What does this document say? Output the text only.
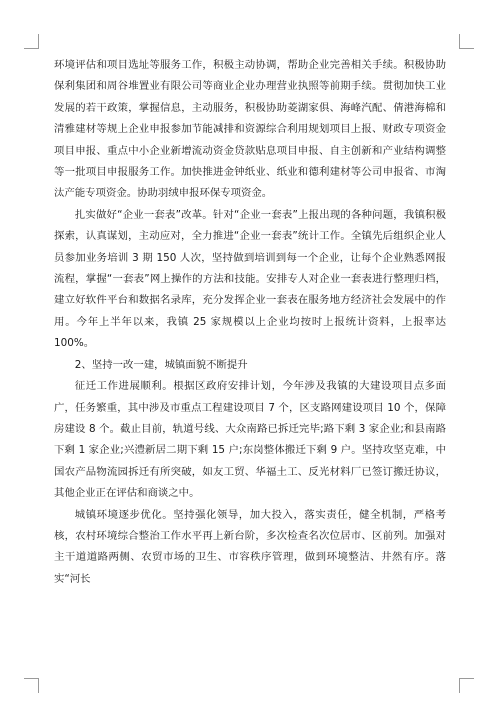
环境评估和项目选址等服务工作，积极主动协调，帮助企业完善相关手续。积极协助保利集团和周谷堆置业有限公司等商业企业办理营业执照等前期手续。贯彻加快工业发展的若干政策，掌握信息，主动服务，积极协助菱湖家俱、海峰汽配、倩港海棉和清雅建材等规上企业申报参加节能减排和资源综合利用规划项目上报、财政专项资金项目申报、重点中小企业新增流动资金贷款贴息项目申报、自主创新和产业结构调整等一批项目申报服务工作。加快推进金钟纸业、纸业和德利建材等公司申报省、市淘汰产能专项资金。协助羽绒申报环保专项资金。

扎实做好“企业一套表”改革。针对“企业一套表”上报出现的各种问题，我镇积极探索，认真谋划，主动应对，全力推进“企业一套表”统计工作。全镇先后组织企业人员参加业务培训 3 期 150 人次，坚持做到培训到每一个企业，让每个企业熟悉网报流程，掌握“一套表”网上操作的方法和技能。安排专人对企业一套表进行整理归档，建立好软件平台和数据名录库，充分发挥企业一套表在服务地方经济社会发展中的作用。今年上半年以来，我镇 25 家规模以上企业均按时上报统计资料，上报率达 100%。

2、坚持一改一建，城镇面貌不断提升

征迁工作进展顺利。根据区政府安排计划，今年涉及我镇的大建设项目点多面广，任务繁重，其中涉及市重点工程建设项目 7 个，区支路网建设项目 10 个，保障房建设 8 个。截止目前，轨道号线、大众南路已拆迁完毕;路下剩 3 家企业;和县南路下剩 1 家企业;兴澧新居二期下剩 15 户;东岗整体搬迁下剩 9 户。坚持攻坚克难，中国农产品物流园拆迁有所突破，如友工贸、华福土工、反光材料厂已签订搬迁协议，其他企业正在评估和商谈之中。

城镇环境逐步优化。坚持强化领导，加大投入，落实责任，健全机制，严格考核，农村环境综合整治工作水平再上新台阶，多次检查名次位居市、区前列。加强对主干道道路两侧、农贸市场的卫生、市容秩序管理，做到环境整洁、井然有序。落实“河长
